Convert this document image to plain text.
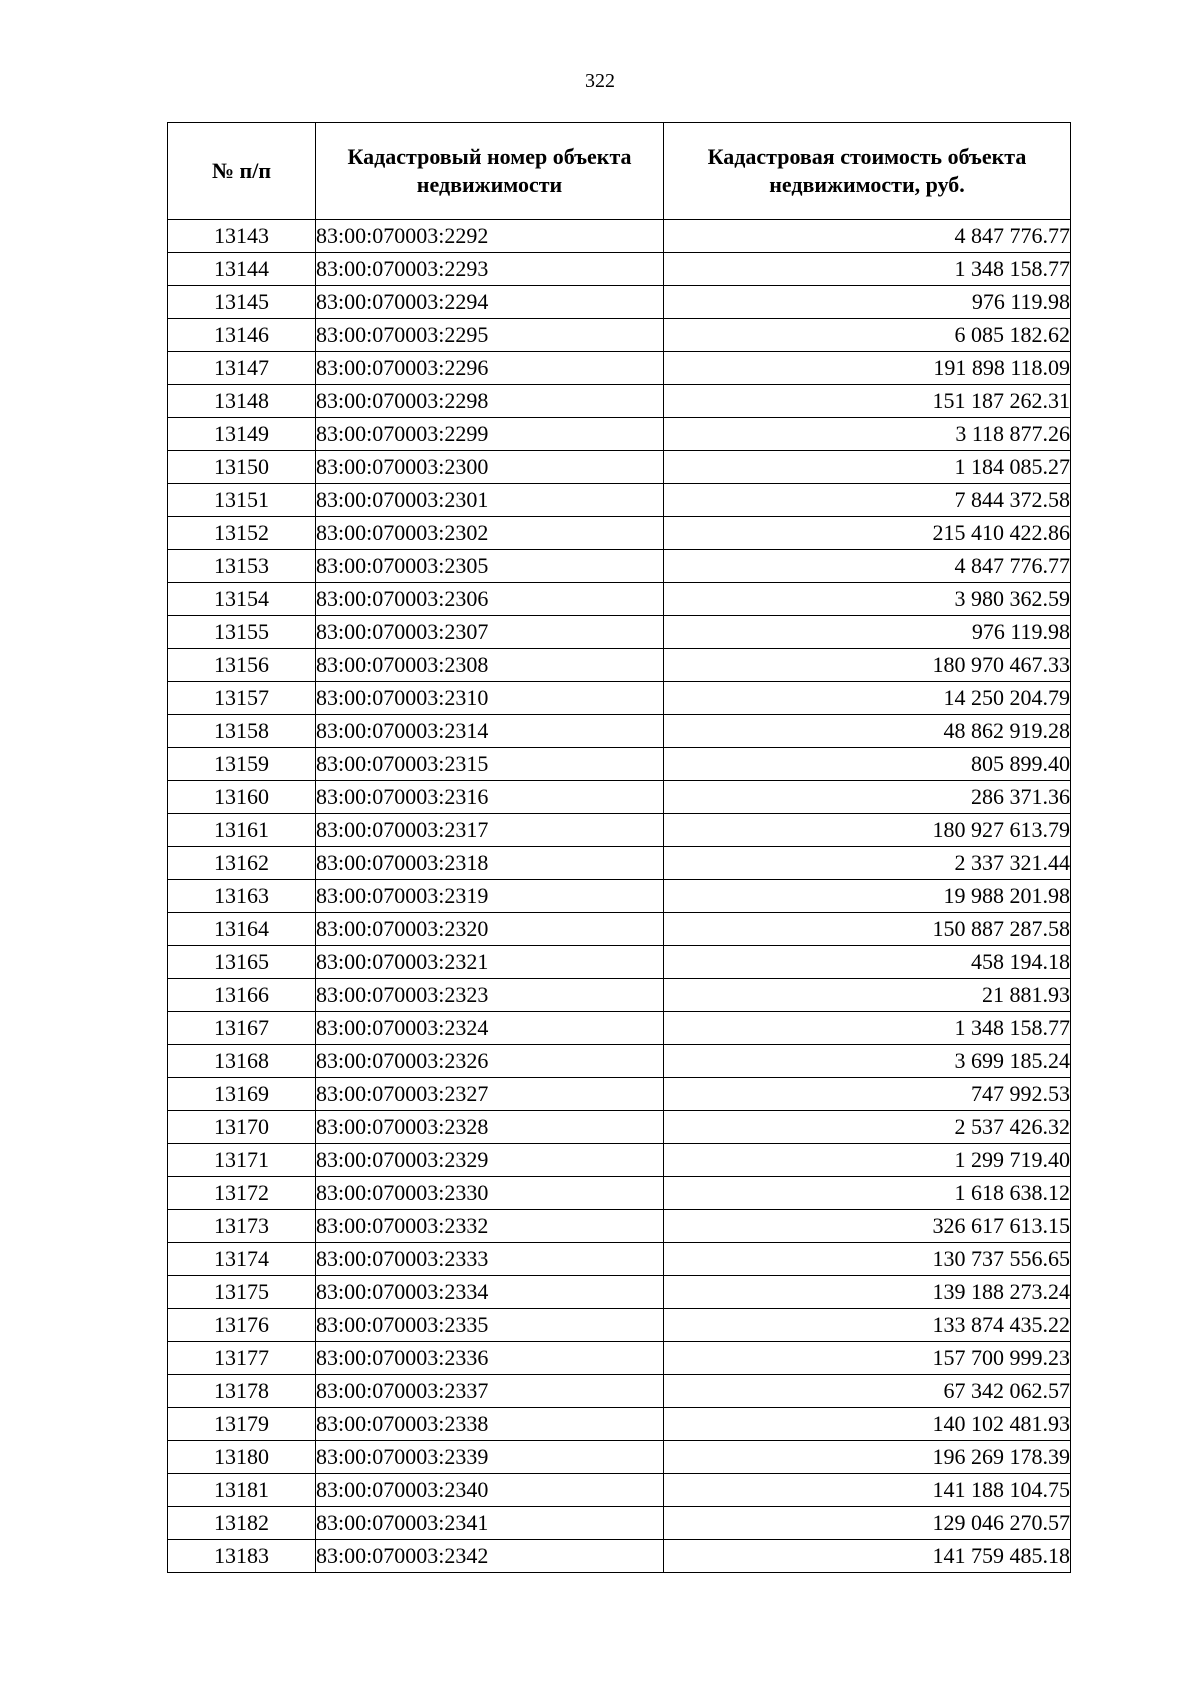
322
№ п/п	Кадастровый номер объекта недвижимости	Кадастровая стоимость объекта недвижимости, руб.
13143	83:00:070003:2292	4 847 776.77
13144	83:00:070003:2293	1 348 158.77
13145	83:00:070003:2294	976 119.98
13146	83:00:070003:2295	6 085 182.62
13147	83:00:070003:2296	191 898 118.09
13148	83:00:070003:2298	151 187 262.31
13149	83:00:070003:2299	3 118 877.26
13150	83:00:070003:2300	1 184 085.27
13151	83:00:070003:2301	7 844 372.58
13152	83:00:070003:2302	215 410 422.86
13153	83:00:070003:2305	4 847 776.77
13154	83:00:070003:2306	3 980 362.59
13155	83:00:070003:2307	976 119.98
13156	83:00:070003:2308	180 970 467.33
13157	83:00:070003:2310	14 250 204.79
13158	83:00:070003:2314	48 862 919.28
13159	83:00:070003:2315	805 899.40
13160	83:00:070003:2316	286 371.36
13161	83:00:070003:2317	180 927 613.79
13162	83:00:070003:2318	2 337 321.44
13163	83:00:070003:2319	19 988 201.98
13164	83:00:070003:2320	150 887 287.58
13165	83:00:070003:2321	458 194.18
13166	83:00:070003:2323	21 881.93
13167	83:00:070003:2324	1 348 158.77
13168	83:00:070003:2326	3 699 185.24
13169	83:00:070003:2327	747 992.53
13170	83:00:070003:2328	2 537 426.32
13171	83:00:070003:2329	1 299 719.40
13172	83:00:070003:2330	1 618 638.12
13173	83:00:070003:2332	326 617 613.15
13174	83:00:070003:2333	130 737 556.65
13175	83:00:070003:2334	139 188 273.24
13176	83:00:070003:2335	133 874 435.22
13177	83:00:070003:2336	157 700 999.23
13178	83:00:070003:2337	67 342 062.57
13179	83:00:070003:2338	140 102 481.93
13180	83:00:070003:2339	196 269 178.39
13181	83:00:070003:2340	141 188 104.75
13182	83:00:070003:2341	129 046 270.57
13183	83:00:070003:2342	141 759 485.18
